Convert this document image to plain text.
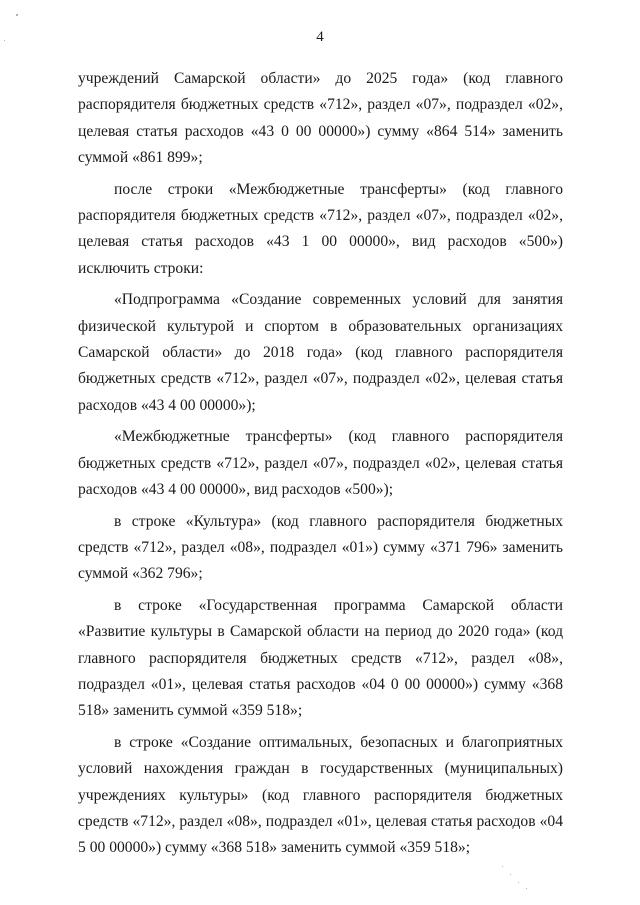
4

учреждений Самарской области» до 2025 года» (код главного распорядителя бюджетных средств «712», раздел «07», подраздел «02», целевая статья расходов «43 0 00 00000») сумму «864 514» заменить суммой «861 899»;

после строки «Межбюджетные трансферты» (код главного распорядителя бюджетных средств «712», раздел «07», подраздел «02», целевая статья расходов «43 1 00 00000», вид расходов «500») исключить строки:

«Подпрограмма «Создание современных условий для занятия физической культурой и спортом в образовательных организациях Самарской области» до 2018 года» (код главного распорядителя бюджетных средств «712», раздел «07», подраздел «02», целевая статья расходов «43 4 00 00000»);

«Межбюджетные трансферты» (код главного распорядителя бюджетных средств «712», раздел «07», подраздел «02», целевая статья расходов «43 4 00 00000», вид расходов «500»);

в строке «Культура» (код главного распорядителя бюджетных средств «712», раздел «08», подраздел «01») сумму «371 796» заменить суммой «362 796»;

в строке «Государственная программа Самарской области «Развитие культуры в Самарской области на период до 2020 года» (код главного распорядителя бюджетных средств «712», раздел «08», подраздел «01», целевая статья расходов «04 0 00 00000») сумму «368 518» заменить суммой «359 518»;

в строке «Создание оптимальных, безопасных и благоприятных условий нахождения граждан в государственных (муниципальных) учреждениях культуры» (код главного распорядителя бюджетных средств «712», раздел «08», подраздел «01», целевая статья расходов «04 5 00 00000») сумму «368 518» заменить суммой «359 518»;
